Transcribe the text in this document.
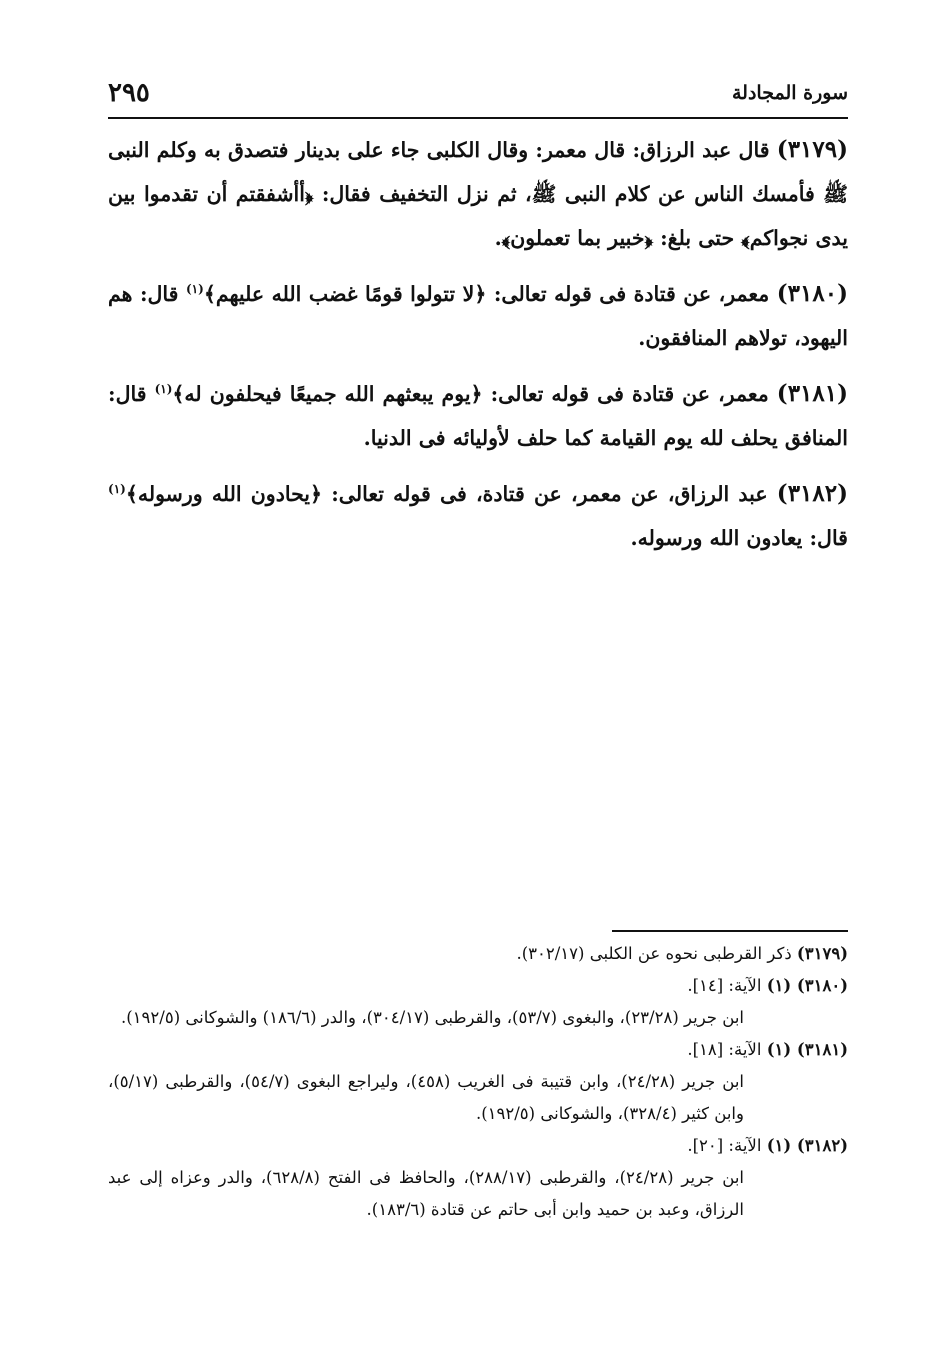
سورة المجادلة
٢٩٥

(٣١٧٩) قال عبد الرزاق: قال معمر: وقال الكلبى جاء على بدينار فتصدق به وكلم النبى ﷺ فأمسك الناس عن كلام النبى ﷺ، ثم نزل التخفيف فقال: ﴿أأشفقتم أن تقدموا بين يدى نجواكم﴾ حتى بلغ: ﴿خبير بما تعملون﴾.

(٣١٨٠) معمر، عن قتادة فى قوله تعالى: ﴿لا تتولوا قومًا غضب الله عليهم﴾$^{(١)}$ قال: هم اليهود، تولاهم المنافقون.

(٣١٨١) معمر، عن قتادة فى قوله تعالى: ﴿يوم يبعثهم الله جميعًا فيحلفون له﴾$^{(١)}$ قال: المنافق يحلف لله يوم القيامة كما حلف لأوليائه فى الدنيا.

(٣١٨٢) عبد الرزاق، عن معمر، عن قتادة، فى قوله تعالى: ﴿يحادون الله ورسوله﴾$^{(١)}$ قال: يعادون الله ورسوله.

(٣١٧٩) ذكر القرطبى نحوه عن الكلبى (٣٠٢/١٧).

(٣١٨٠) (١) الآية: [١٤].

ابن جرير (٢٣/٢٨)، والبغوى (٥٣/٧)، والقرطبى (٣٠٤/١٧)، والدر (١٨٦/٦) والشوكانى (١٩٢/٥).

(٣١٨١) (١) الآية: [١٨].

ابن جرير (٢٤/٢٨)، وابن قتيبة فى الغريب (٤٥٨)، وليراجع البغوى (٥٤/٧)، والقرطبى (٥/١٧)، وابن كثير (٣٢٨/٤)، والشوكانى (١٩٢/٥).

(٣١٨٢) (١) الآية: [٢٠].

ابن جرير (٢٤/٢٨)، والقرطبى (٢٨٨/١٧)، والحافظ فى الفتح (٦٢٨/٨)، والدر وعزاه إلى عبد الرزاق، وعبد بن حميد وابن أبى حاتم عن قتادة (١٨٣/٦).
